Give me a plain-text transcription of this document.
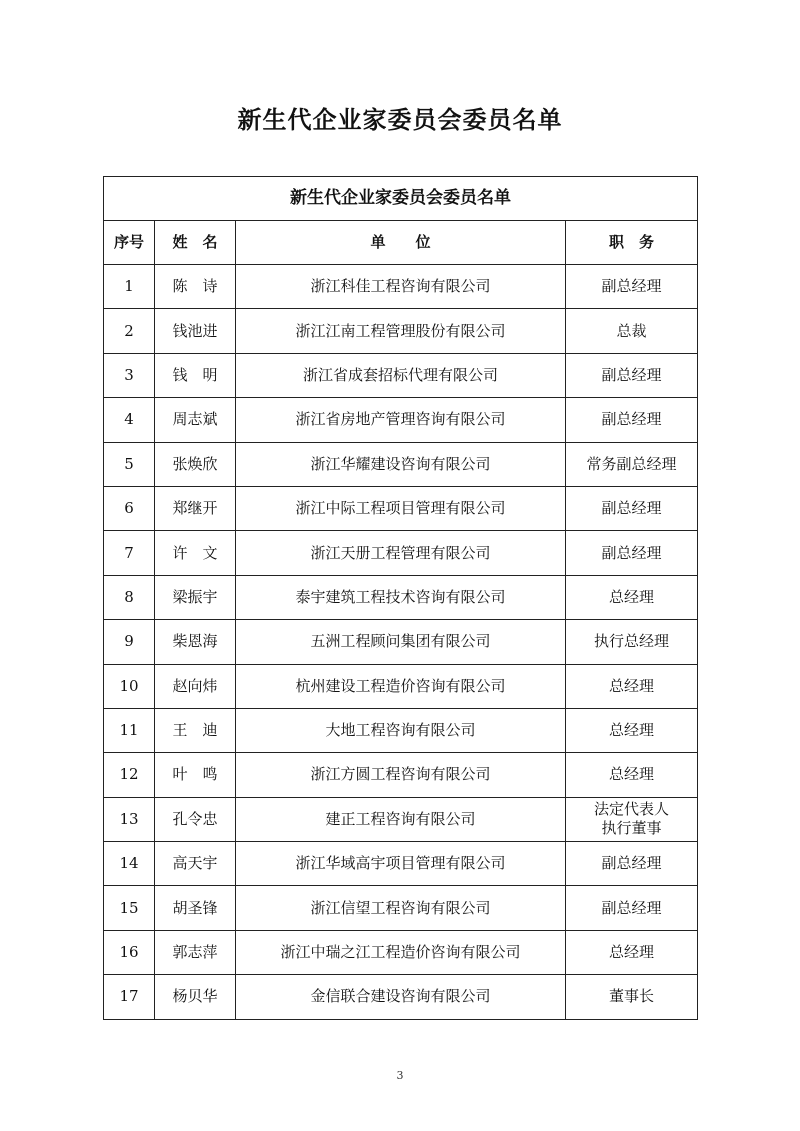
新生代企业家委员会委员名单
新生代企业家委员会委员名单			
序号	姓　名	单　　位	职　务
1	陈　诗	浙江科佳工程咨询有限公司	副总经理

2	钱池进	浙江江南工程管理股份有限公司	总裁

3	钱　明	浙江省成套招标代理有限公司	副总经理

4	周志斌	浙江省房地产管理咨询有限公司	副总经理

5	张焕欣	浙江华耀建设咨询有限公司	常务副总经理

6	郑继开	浙江中际工程项目管理有限公司	副总经理

7	许　文	浙江天册工程管理有限公司	副总经理

8	梁振宇	泰宇建筑工程技术咨询有限公司	总经理

9	柴恩海	五洲工程顾问集团有限公司	执行总经理

10	赵向炜	杭州建设工程造价咨询有限公司	总经理

11	王　迪	大地工程咨询有限公司	总经理

12	叶　鸣	浙江方圆工程咨询有限公司	总经理

13	孔令忠	建正工程咨询有限公司	法定代表人
执行董事

14	高天宇	浙江华域高宇项目管理有限公司	副总经理

15	胡圣锋	浙江信望工程咨询有限公司	副总经理

16	郭志萍	浙江中瑞之江工程造价咨询有限公司	总经理

17	杨贝华	金信联合建设咨询有限公司	董事长
3
